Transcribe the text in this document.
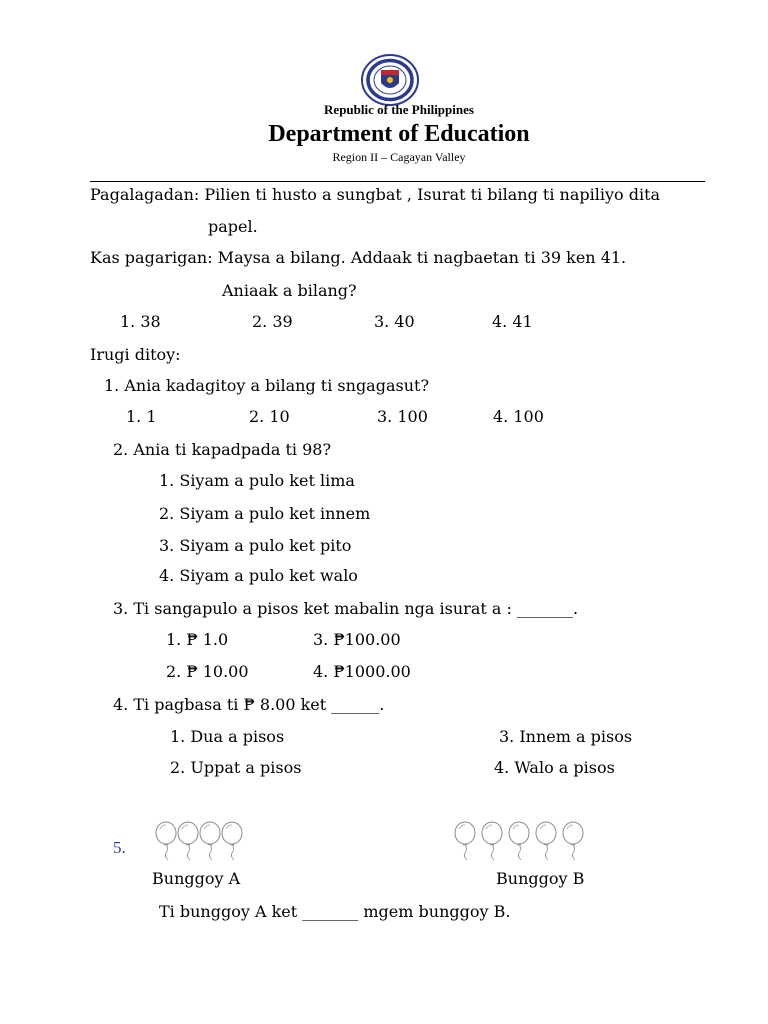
Republic of the Philippines
Department of Education
Region II – Cagayan Valley
Pagalagadan: Pilien ti husto a sungbat , Isurat ti bilang ti napiliyo dita
papel.
Kas pagarigan: Maysa a bilang. Addaak ti nagbaetan ti 39 ken 41.
Aniaak a bilang?
1. 38	2. 39	3. 40	4. 41
Irugi ditoy:
1. Ania kadagitoy a bilang ti sngagasut?
1. 1	2. 10	3. 100	4. 100
2. Ania ti kapadpada ti 98?
1. Siyam a pulo ket lima
2. Siyam a pulo ket innem
3. Siyam a pulo ket pito
4. Siyam a pulo ket walo
3. Ti sangapulo a pisos ket mabalin nga isurat a : _______.
1. ₱ 1.0	3. ₱100.00
2. ₱ 10.00	4. ₱1000.00
4. Ti pagbasa ti ₱ 8.00 ket ______.
1. Dua a pisos	3. Innem a pisos
2. Uppat a pisos	4. Walo a pisos
5.
Bunggoy A	Bunggoy B
Ti bunggoy A ket _______ mgem bunggoy B.
